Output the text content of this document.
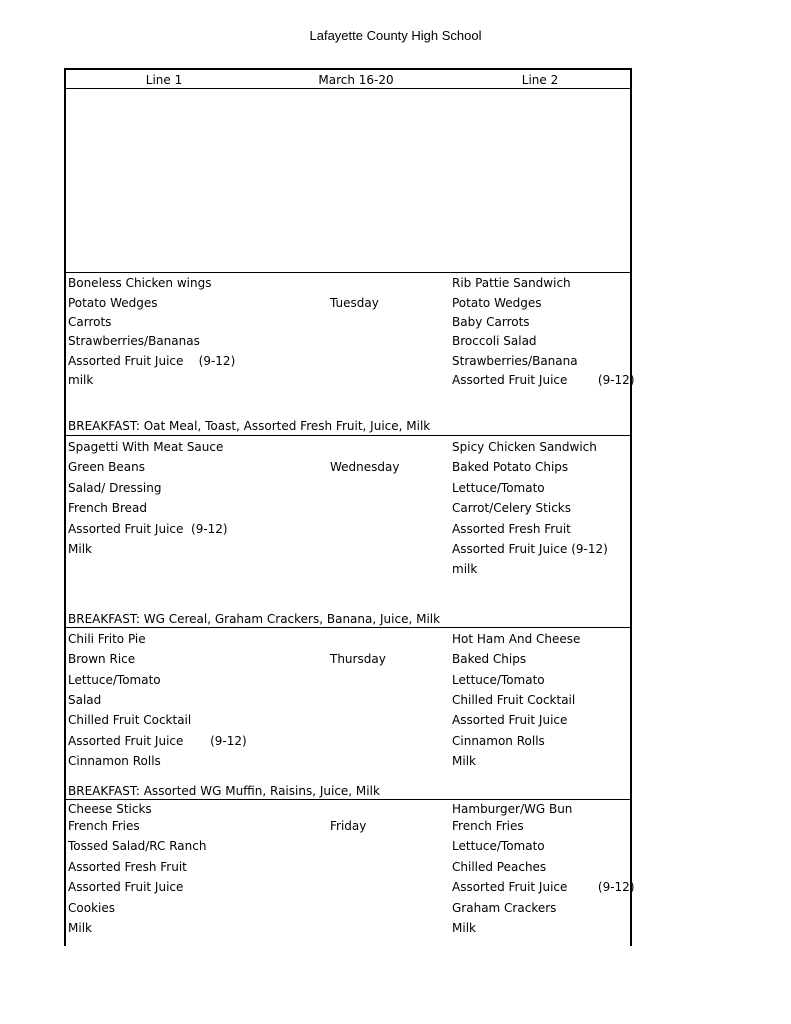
Lafayette County High School
Line 1	March 16-20	Line 2
Boneless Chicken wings
Potato Wedges
Carrots
Strawberries/Bananas
Assorted Fruit Juice    (9-12)
milk
Tuesday
Rib Pattie Sandwich
Potato Wedges
Baby Carrots
Broccoli Salad
Strawberries/Banana
Assorted Fruit Juice        (9-12)
BREAKFAST: Oat Meal, Toast, Assorted Fresh Fruit, Juice, Milk
Spagetti With Meat Sauce
Green Beans
Salad/ Dressing
French Bread
Assorted Fruit Juice  (9-12)
Milk
Wednesday
Spicy Chicken Sandwich
Baked Potato Chips
Lettuce/Tomato
Carrot/Celery Sticks
Assorted Fresh Fruit
Assorted Fruit Juice (9-12)
milk
BREAKFAST: WG Cereal, Graham Crackers, Banana, Juice, Milk
Chili Frito Pie
Brown Rice
Lettuce/Tomato
Salad
Chilled Fruit Cocktail
Assorted Fruit Juice       (9-12)
Cinnamon Rolls
Thursday
Hot Ham And Cheese
Baked Chips
Lettuce/Tomato
Chilled Fruit Cocktail
Assorted Fruit Juice
Cinnamon Rolls
Milk
BREAKFAST: Assorted WG Muffin, Raisins, Juice, Milk
Cheese Sticks
French Fries
Tossed Salad/RC Ranch
Assorted Fresh Fruit
Assorted Fruit Juice
Cookies
Milk
Friday
Hamburger/WG Bun
French Fries
Lettuce/Tomato
Chilled Peaches
Assorted Fruit Juice        (9-12)
Graham Crackers
Milk
